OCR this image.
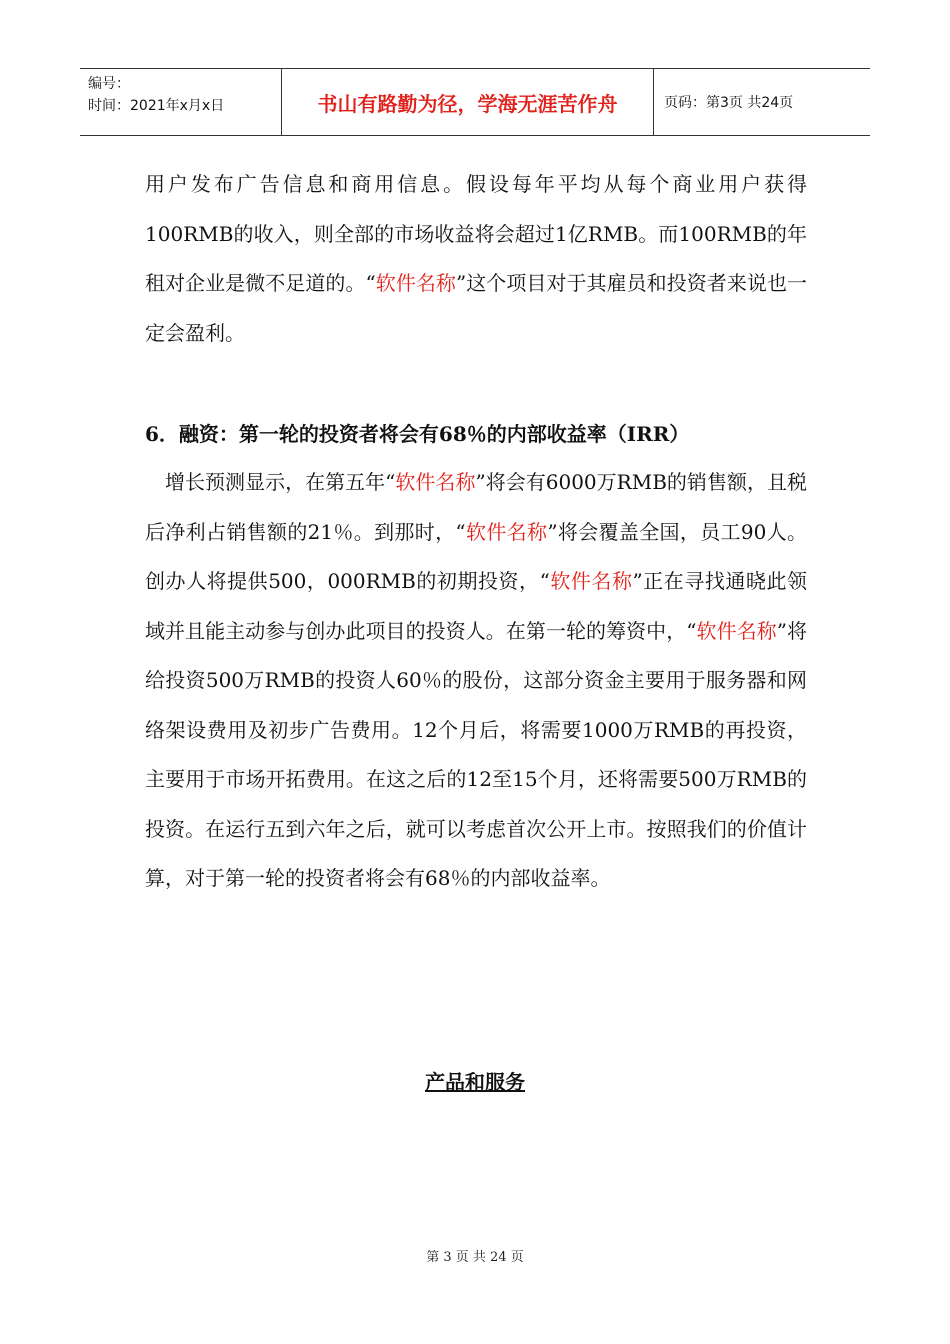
编号：
时间：2021年x月x日	书山有路勤为径，学海无涯苦作舟	页码：第3页 共24页

用户发布广告信息和商用信息。假设每年平均从每个商业用户获得100RMB的收入，则全部的市场收益将会超过1亿RMB。而100RMB的年租对企业是微不足道的。“软件名称”这个项目对于其雇员和投资者来说也一定会盈利。

6．融资：第一轮的投资者将会有68％的内部收益率（IRR）

　增长预测显示，在第五年“软件名称”将会有6000万RMB的销售额，且税后净利占销售额的21％。到那时，“软件名称”将会覆盖全国，员工90人。创办人将提供500，000RMB的初期投资，“软件名称”正在寻找通晓此领域并且能主动参与创办此项目的投资人。在第一轮的筹资中，“软件名称”将给投资500万RMB的投资人60％的股份，这部分资金主要用于服务器和网络架设费用及初步广告费用。12个月后，将需要1000万RMB的再投资，主要用于市场开拓费用。在这之后的12至15个月，还将需要500万RMB的投资。在运行五到六年之后，就可以考虑首次公开上市。按照我们的价值计算，对于第一轮的投资者将会有68％的内部收益率。

产品和服务

第 3 页 共 24 页
